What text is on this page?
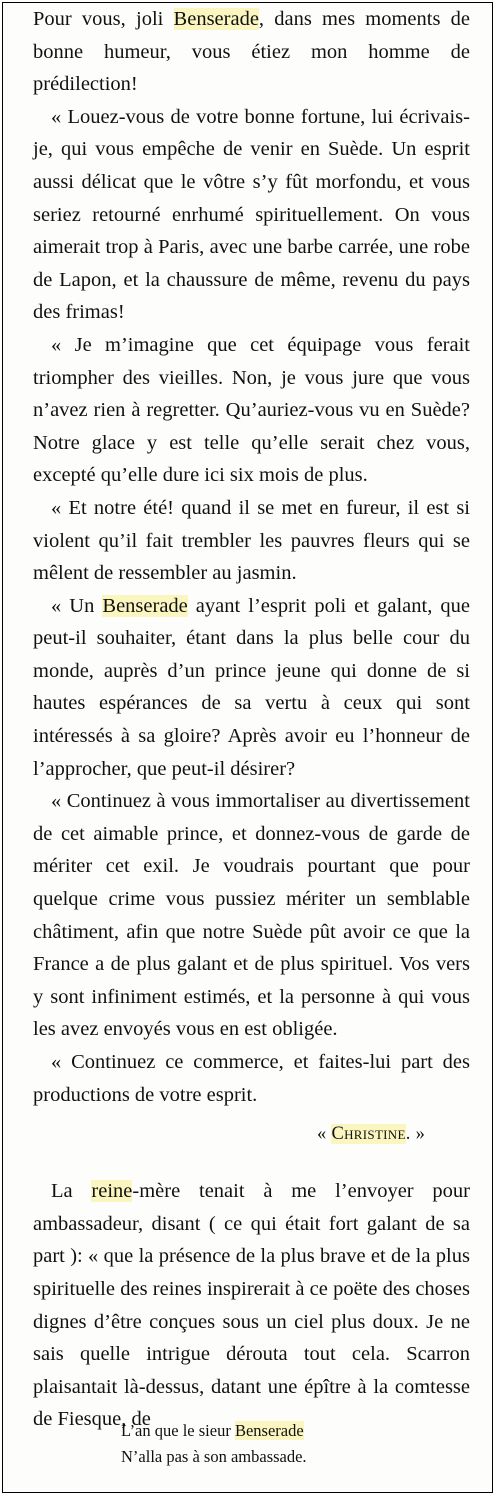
Pour vous, joli Benserade, dans mes moments de bonne humeur, vous étiez mon homme de prédilection!

« Louez-vous de votre bonne fortune, lui écrivais-je, qui vous empêche de venir en Suède. Un esprit aussi délicat que le vôtre s’y fût morfondu, et vous seriez retourné enrhumé spirituellement. On vous aimerait trop à Paris, avec une barbe carrée, une robe de Lapon, et la chaussure de même, revenu du pays des frimas!

« Je m’imagine que cet équipage vous ferait triompher des vieilles. Non, je vous jure que vous n’avez rien à regretter. Qu’auriez-vous vu en Suède? Notre glace y est telle qu’elle serait chez vous, excepté qu’elle dure ici six mois de plus.

« Et notre été! quand il se met en fureur, il est si violent qu’il fait trembler les pauvres fleurs qui se mêlent de ressembler au jasmin.

« Un Benserade ayant l’esprit poli et galant, que peut-il souhaiter, étant dans la plus belle cour du monde, auprès d’un prince jeune qui donne de si hautes espérances de sa vertu à ceux qui sont intéressés à sa gloire? Après avoir eu l’honneur de l’approcher, que peut-il désirer?

« Continuez à vous immortaliser au divertissement de cet aimable prince, et donnez-vous de garde de mériter cet exil. Je voudrais pourtant que pour quelque crime vous pussiez mériter un semblable châtiment, afin que notre Suède pût avoir ce que la France a de plus galant et de plus spirituel. Vos vers y sont infiniment estimés, et la personne à qui vous les avez envoyés vous en est obligée.

« Continuez ce commerce, et faites-lui part des productions de votre esprit.

La reine-mère tenait à me l’envoyer pour ambassadeur, disant ( ce qui était fort galant de sa part ): « que la présence de la plus brave et de la plus spirituelle des reines inspirerait à ce poëte des choses dignes d’être conçues sous un ciel plus doux. Je ne sais quelle intrigue dérouta tout cela. Scarron plaisantait là-dessus, datant une épître à la comtesse de Fiesque, de

« Christine. »
L’an que le sieur Benserade
N’alla pas à son ambassade.
